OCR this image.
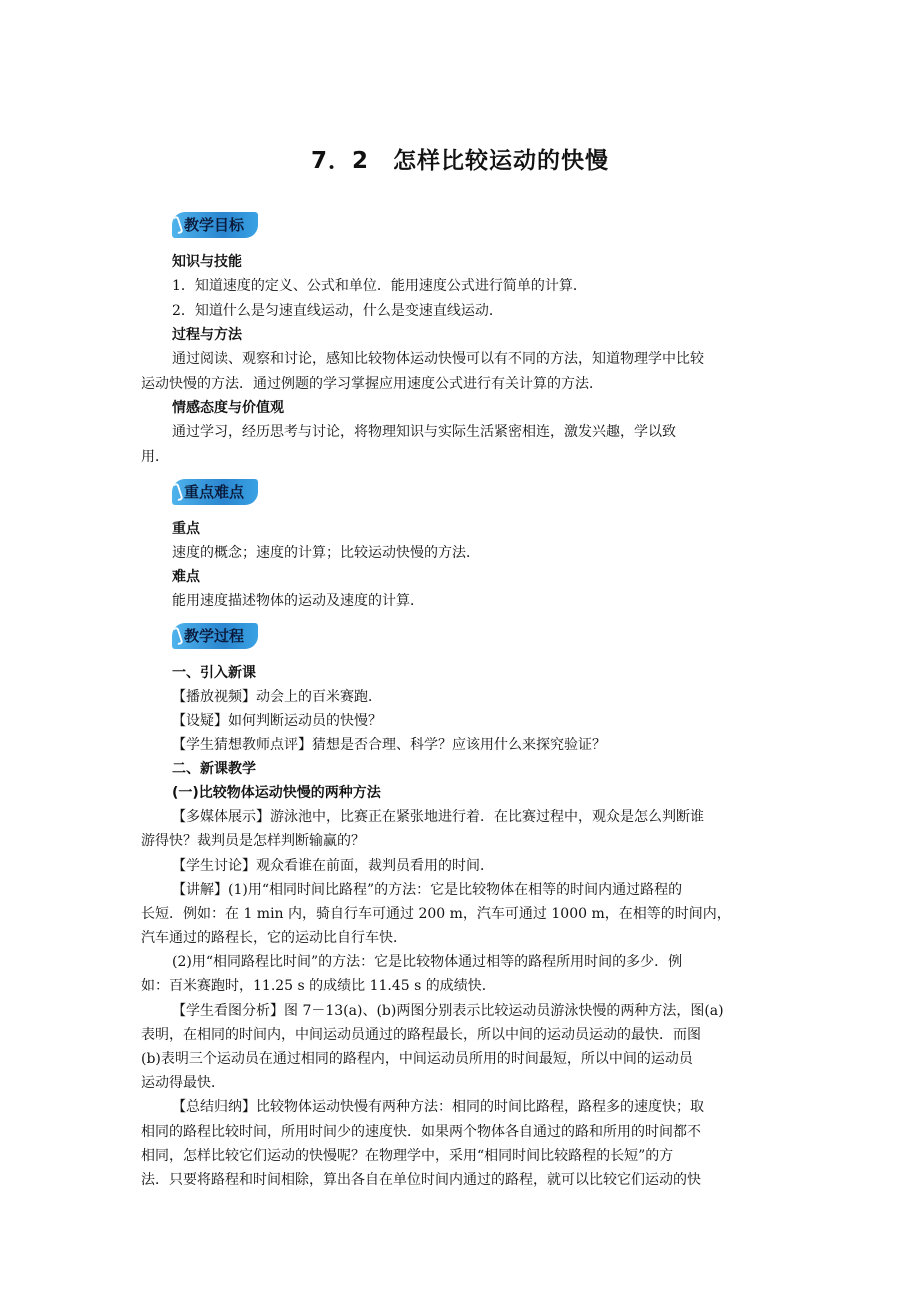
7．2　怎样比较运动的快慢
教学目标
知识与技能
1．知道速度的定义、公式和单位．能用速度公式进行简单的计算．
2．知道什么是匀速直线运动，什么是变速直线运动．
过程与方法
通过阅读、观察和讨论，感知比较物体运动快慢可以有不同的方法，知道物理学中比较
运动快慢的方法．通过例题的学习掌握应用速度公式进行有关计算的方法．
情感态度与价值观
通过学习，经历思考与讨论，将物理知识与实际生活紧密相连，激发兴趣，学以致
用．
重点难点
重点
速度的概念；速度的计算；比较运动快慢的方法．
难点
能用速度描述物体的运动及速度的计算．
教学过程
一、引入新课
【播放视频】动会上的百米赛跑．
【设疑】如何判断运动员的快慢？
【学生猜想教师点评】猜想是否合理、科学？应该用什么来探究验证？
二、新课教学
(一)比较物体运动快慢的两种方法
【多媒体展示】游泳池中，比赛正在紧张地进行着．在比赛过程中，观众是怎么判断谁
游得快？裁判员是怎样判断输赢的？
【学生讨论】观众看谁在前面，裁判员看用的时间．
【讲解】(1)用“相同时间比路程”的方法：它是比较物体在相等的时间内通过路程的
长短．例如：在 1 min 内，骑自行车可通过 200 m，汽车可通过 1000 m，在相等的时间内，
汽车通过的路程长，它的运动比自行车快．
(2)用“相同路程比时间”的方法：它是比较物体通过相等的路程所用时间的多少．例
如：百米赛跑时，11.25 s 的成绩比 11.45 s 的成绩快．
【学生看图分析】图 7－13(a)、(b)两图分别表示比较运动员游泳快慢的两种方法，图(a)
表明，在相同的时间内，中间运动员通过的路程最长，所以中间的运动员运动的最快．而图
(b)表明三个运动员在通过相同的路程内，中间运动员所用的时间最短，所以中间的运动员
运动得最快．
【总结归纳】比较物体运动快慢有两种方法：相同的时间比路程，路程多的速度快；取
相同的路程比较时间，所用时间少的速度快．如果两个物体各自通过的路和所用的时间都不
相同，怎样比较它们运动的快慢呢？在物理学中，采用“相同时间比较路程的长短”的方
法．只要将路程和时间相除，算出各自在单位时间内通过的路程，就可以比较它们运动的快
